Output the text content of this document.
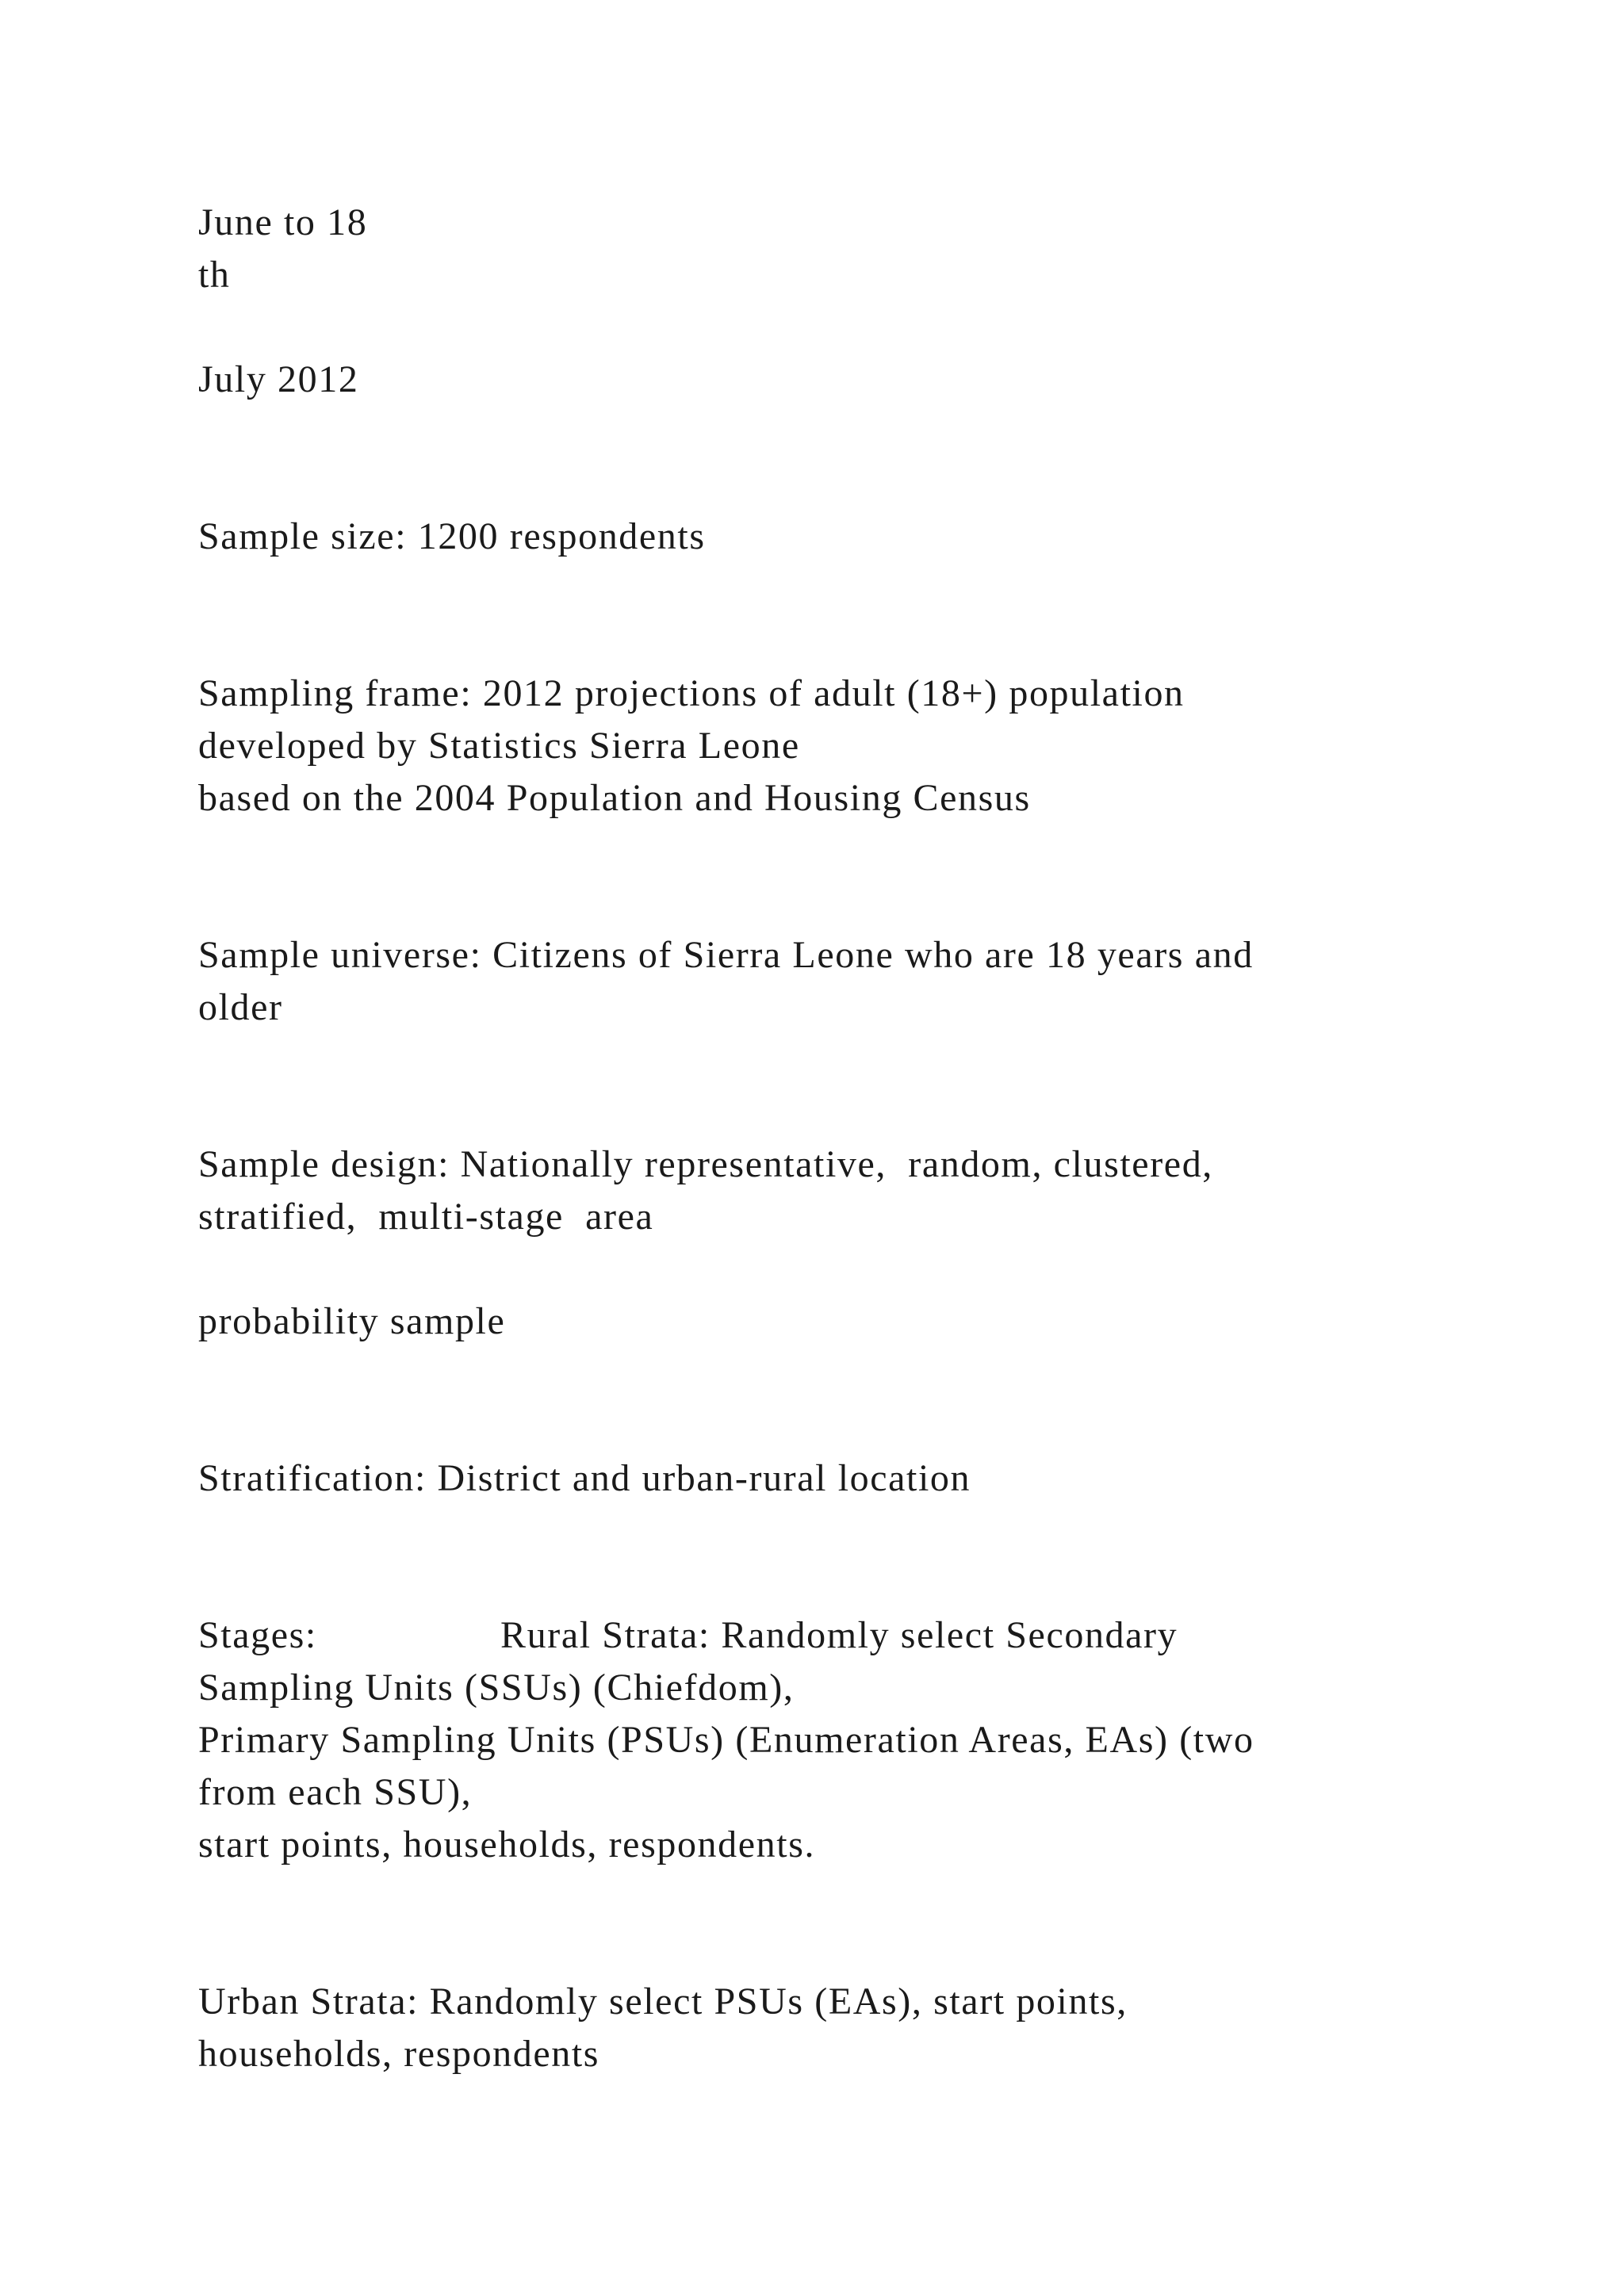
June to 18

th

July 2012

Sample size: 1200 respondents

Sampling frame: 2012 projections of adult (18+) population

developed by Statistics Sierra Leone

based on the 2004 Population and Housing Census

Sample universe: Citizens of Sierra Leone who are 18 years and

older

Sample design: Nationally representative,  random, clustered,

stratified,  multi-stage  area

probability sample

Stratification: District and urban-rural location

Stages:                 Rural Strata: Randomly select Secondary

Sampling Units (SSUs) (Chiefdom),

Primary Sampling Units (PSUs) (Enumeration Areas, EAs) (two

from each SSU),

start points, households, respondents.

Urban Strata: Randomly select PSUs (EAs), start points,

households, respondents
